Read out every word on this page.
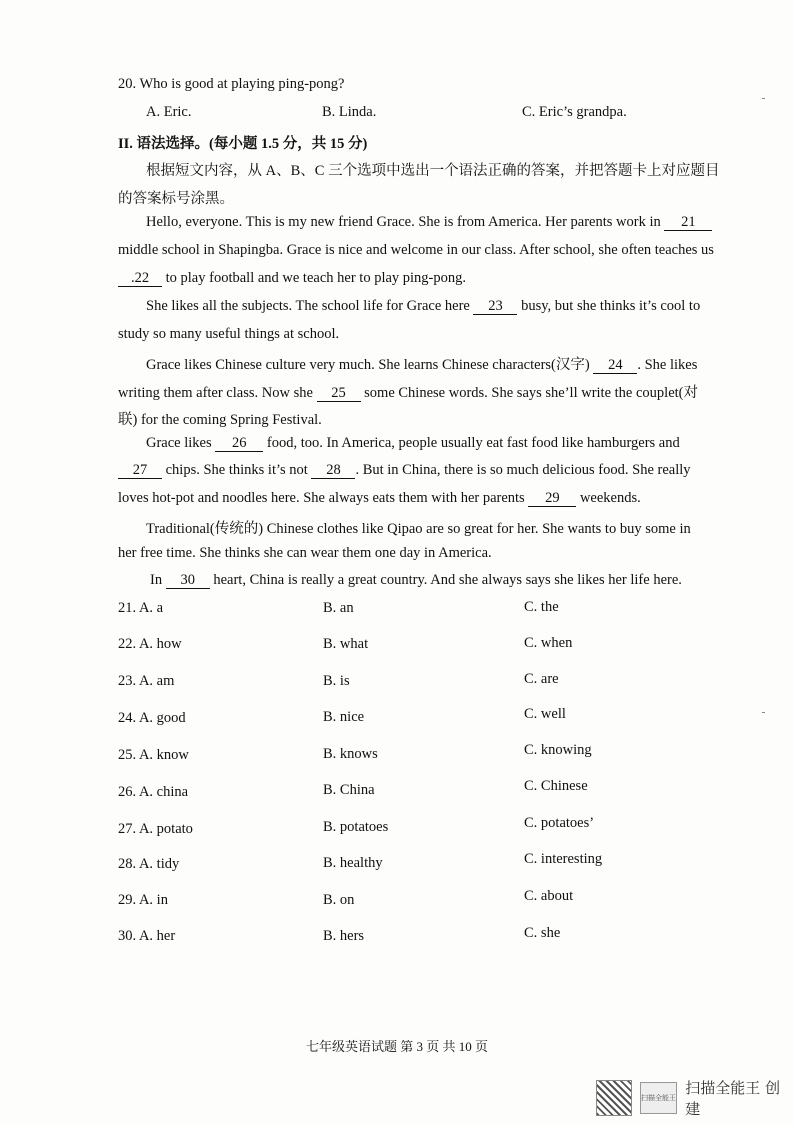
20. Who is good at playing ping-pong?
A. Eric.	B. Linda.	C. Eric’s grandpa.
II. 语法选择。(每小题 1.5 分，共 15 分)
根据短文内容，从 A、B、C 三个选项中选出一个语法正确的答案，并把答题卡上对应题目
的答案标号涂黑。
Hello, everyone. This is my new friend Grace. She is from America. Her parents work in 21
middle school in Shapingba. Grace is nice and welcome in our class. After school, she often teaches us
.22 to play football and we teach her to play ping-pong.
She likes all the subjects. The school life for Grace here 23 busy, but she thinks it’s cool to
study so many useful things at school.
Grace likes Chinese culture very much. She learns Chinese characters(汉字) 24 . She likes
writing them after class. Now she 25 some Chinese words. She says she’ll write the couplet(对
联) for the coming Spring Festival.
Grace likes 26 food, too. In America, people usually eat fast food like hamburgers and
27 chips. She thinks it’s not 28 . But in China, there is so much delicious food. She really
loves hot-pot and noodles here. She always eats them with her parents 29 weekends.
Traditional(传统的) Chinese clothes like Qipao are so great for her. She wants to buy some in
her free time. She thinks she can wear them one day in America.
In 30 heart, China is really a great country. And she always says she likes her life here.
21. A. a	B. an	C. the
22. A. how	B. what	C. when
23. A. am	B. is	C. are
24. A. good	B. nice	C. well
25. A. know	B. knows	C. knowing
26. A. china	B. China	C. Chinese
27. A. potato	B. potatoes	C. potatoes’
28. A. tidy	B. healthy	C. interesting
29. A. in	B. on	C. about
30. A. her	B. hers	C. she
七年级英语试题 第 3 页 共 10 页
扫描全能王
扫描全能王 创建
